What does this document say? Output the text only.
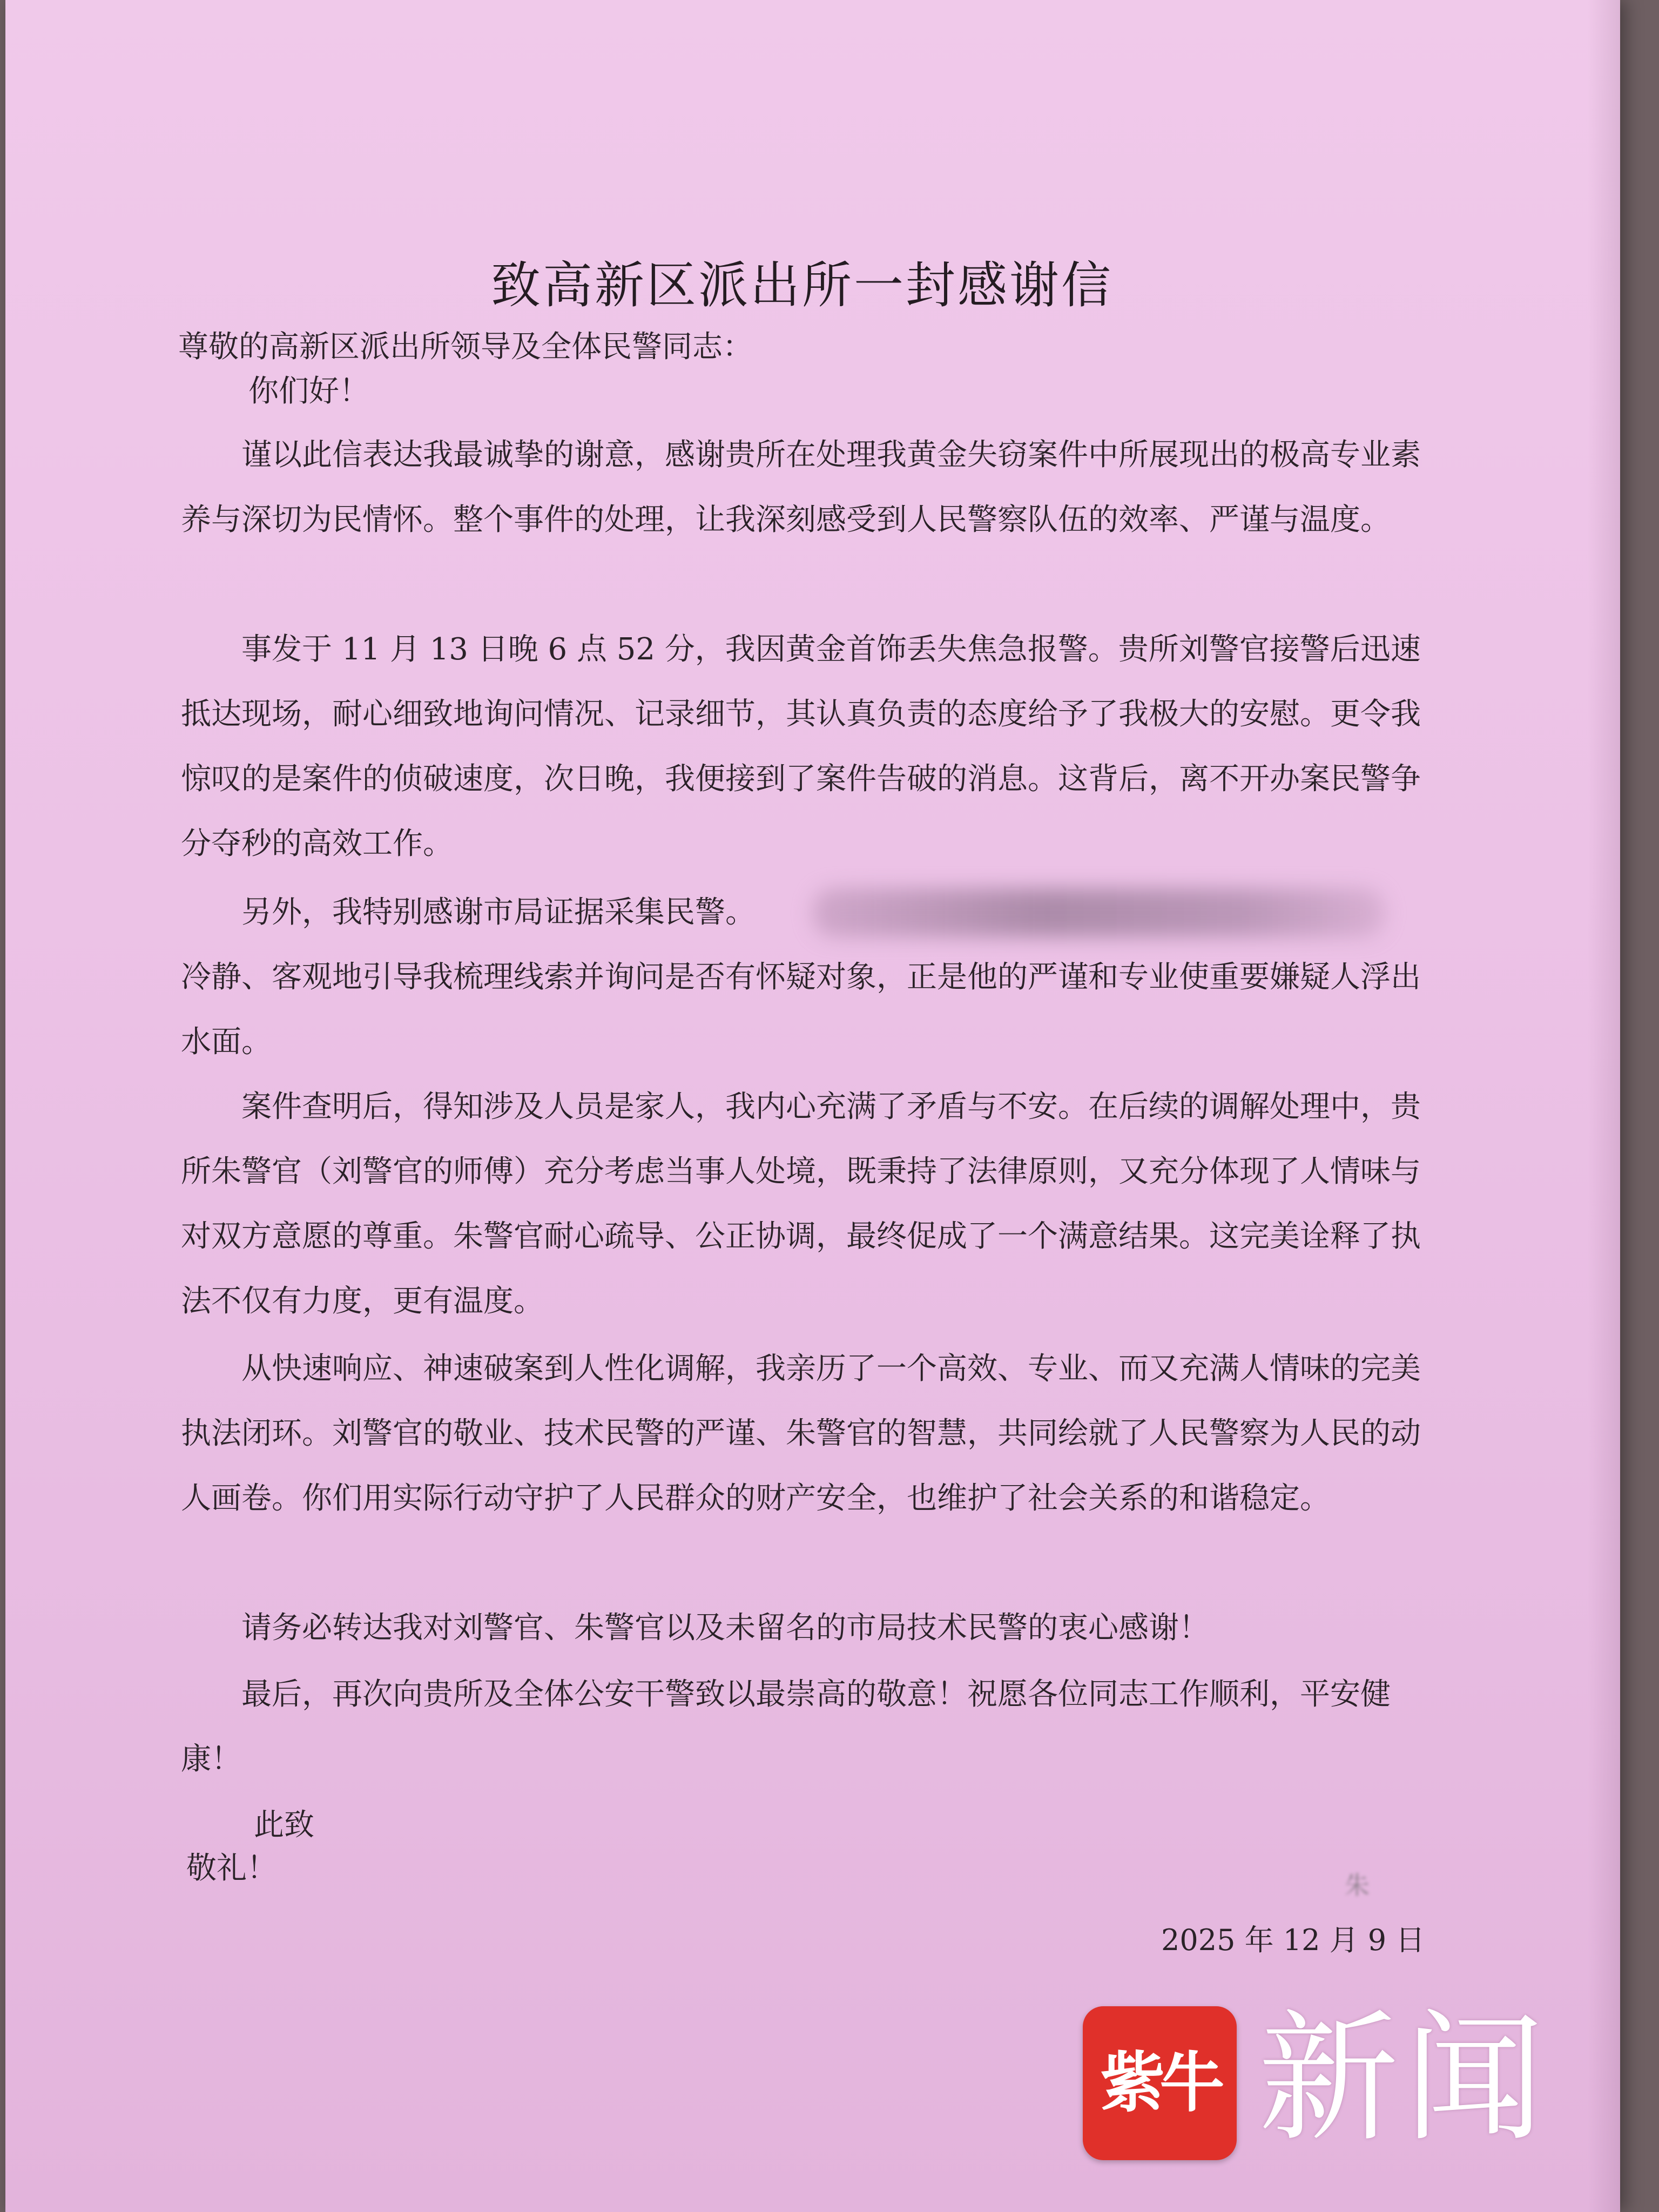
致高新区派出所一封感谢信

尊敬的高新区派出所领导及全体民警同志：

你们好！

谨以此信表达我最诚挚的谢意，感谢贵所在处理我黄金失窃案件中所展现出的极高专业素养与深切为民情怀。整个事件的处理，让我深刻感受到人民警察队伍的效率、严谨与温度。

事发于 11 月 13 日晚 6 点 52 分，我因黄金首饰丢失焦急报警。贵所刘警官接警后迅速抵达现场，耐心细致地询问情况、记录细节，其认真负责的态度给予了我极大的安慰。更令我惊叹的是案件的侦破速度，次日晚，我便接到了案件告破的消息。这背后，离不开办案民警争分夺秒的高效工作。

另外，我特别感谢市局证据采集民警。

冷静、客观地引导我梳理线索并询问是否有怀疑对象，正是他的严谨和专业使重要嫌疑人浮出水面。

案件查明后，得知涉及人员是家人，我内心充满了矛盾与不安。在后续的调解处理中，贵所朱警官（刘警官的师傅）充分考虑当事人处境，既秉持了法律原则，又充分体现了人情味与对双方意愿的尊重。朱警官耐心疏导、公正协调，最终促成了一个满意结果。这完美诠释了执法不仅有力度，更有温度。

从快速响应、神速破案到人性化调解，我亲历了一个高效、专业、而又充满人情味的完美执法闭环。刘警官的敬业、技术民警的严谨、朱警官的智慧，共同绘就了人民警察为人民的动人画卷。你们用实际行动守护了人民群众的财产安全，也维护了社会关系的和谐稳定。

请务必转达我对刘警官、朱警官以及未留名的市局技术民警的衷心感谢！

最后，再次向贵所及全体公安干警致以最崇高的敬意！祝愿各位同志工作顺利，平安健康！

此致

敬礼！	朱
2025 年 12 月 9 日
紫牛 新闻
